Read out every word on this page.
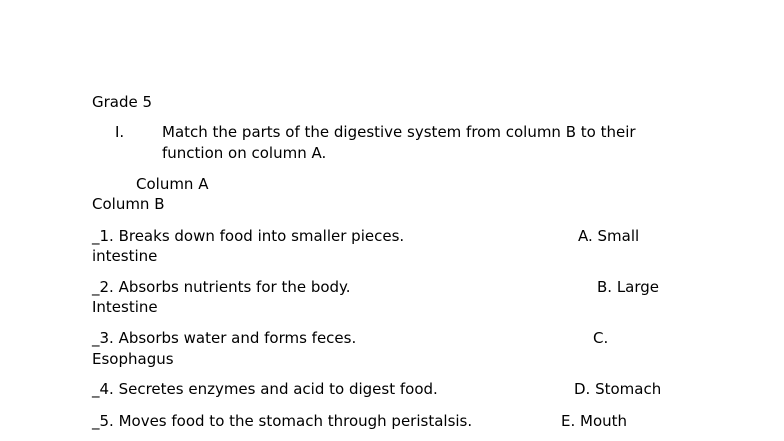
Grade 5
I.	Match the parts of the digestive system from column B to their
function on column A.
Column A
Column B
_1. Breaks down food into smaller pieces.	A. Small
intestine
_2. Absorbs nutrients for the body.	B. Large
Intestine
_3. Absorbs water and forms feces.	C.
Esophagus
_4. Secretes enzymes and acid to digest food.	D. Stomach
_5. Moves food to the stomach through peristalsis.	E. Mouth
